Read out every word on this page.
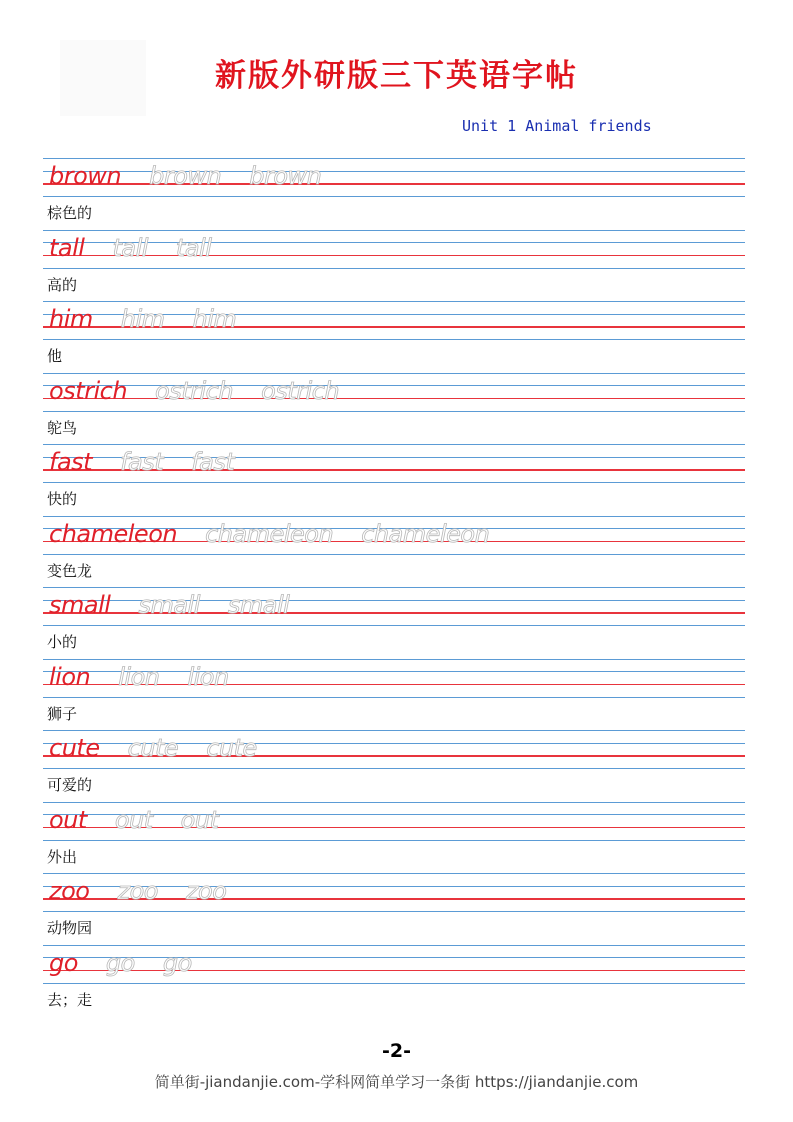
新版外研版三下英语字帖
Unit 1 Animal friends
brown brown brown
棕色的
tall tall tall
高的
him him him
他
ostrich ostrich ostrich
鸵鸟
fast fast fast
快的
chameleon chameleon chameleon
变色龙
small small small
小的
lion lion lion
狮子
cute cute cute
可爱的
out out out
外出
zoo zoo zoo
动物园
go go go
去；走
-2-
简单街-jiandanjie.com-学科网简单学习一条街 https://jiandanjie.com
